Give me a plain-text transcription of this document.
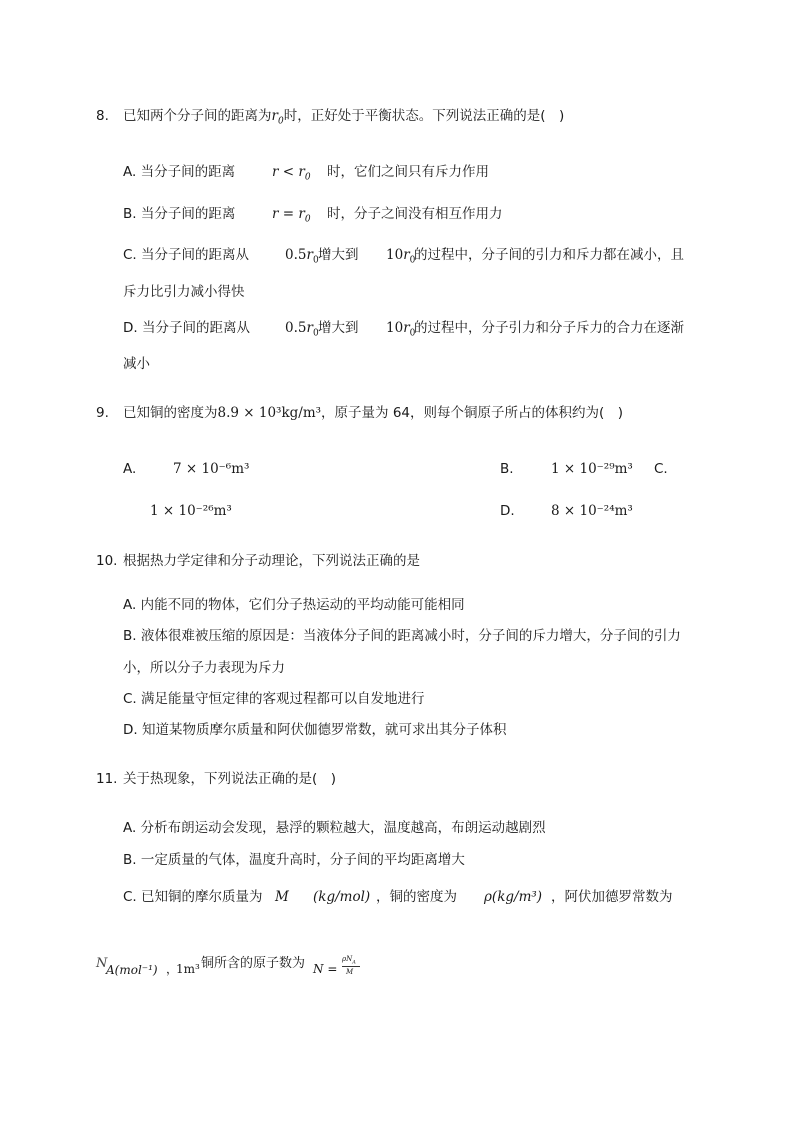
8. 已知两个分子间的距离为$r_0$时，正好处于平衡状态。下列说法正确的是(　)
A. 当分子间的距离	$r < r_0$ 时，它们之间只有斥力作用
B. 当分子间的距离	$r = r_0$ 时，分子之间没有相互作用力
C. 当分子间的距离从	$0.5r_0$ 增大到 $10r_0$
的过程中，分子间的引力和斥力都在减小，且
斥力比引力减小得快
D. 当分子间的距离从	$0.5r_0$ 增大到 $10r_0$
的过程中，分子引力和分子斥力的合力在逐渐
减小
9. 已知铜的密度为8.9 × 10³kg/m³，原子量为 64，则每个铜原子所占的体积约为(　)
A.	7 × 10⁻⁶m³	B.	1 × 10⁻²⁹m³ C.
1 × 10⁻²⁶m³	D.	8 × 10⁻²⁴m³
10. 根据热力学定律和分子动理论，下列说法正确的是
A. 内能不同的物体，它们分子热运动的平均动能可能相同
B. 液体很难被压缩的原因是：当液体分子间的距离减小时，分子间的斥力增大，分子间的引力
小，所以分子力表现为斥力
C. 满足能量守恒定律的客观过程都可以自发地进行
D. 知道某物质摩尔质量和阿伏伽德罗常数，就可求出其分子体积
11. 关于热现象，下列说法正确的是(　)
A. 分析布朗运动会发现，悬浮的颗粒越大，温度越高，布朗运动越剧烈
B. 一定质量的气体，温度升高时，分子间的平均距离增大
C. 已知铜的摩尔质量为 M (kg/mol) ，铜的密度为 ρ(kg/m³) ，阿伏加德罗常数为
N
A(mol⁻¹) ，
1m³ 铜所含的原子数为 N =
$\rho N_A$
M
